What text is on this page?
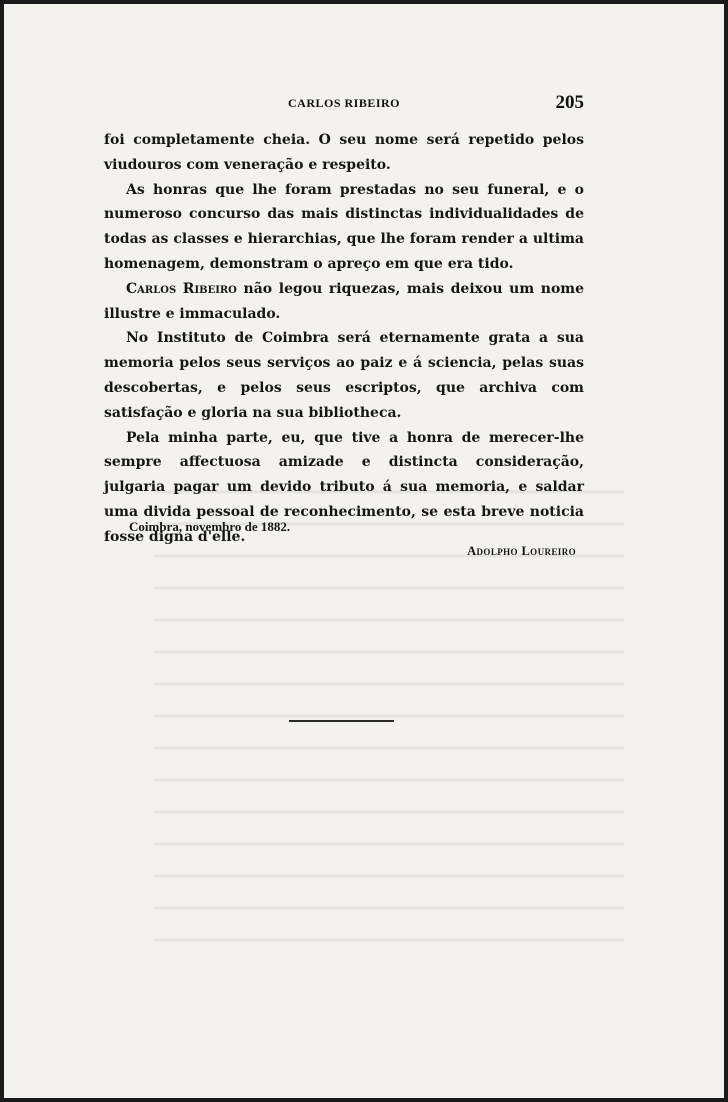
CARLOS RIBEIRO	205

foi completamente cheia. O seu nome será repetido pelos viudouros com veneração e respeito.

As honras que lhe foram prestadas no seu funeral, e o numeroso concurso das mais distinctas individualidades de todas as classes e hierarchias, que lhe foram render a ultima homenagem, demonstram o apreço em que era tido.

Carlos Ribeiro não legou riquezas, mais deixou um nome illustre e immaculado.

No Instituto de Coimbra será eternamente grata a sua memoria pelos seus serviços ao paiz e á sciencia, pelas suas descobertas, e pelos seus escriptos, que archiva com satisfação e gloria na sua bibliotheca.

Pela minha parte, eu, que tive a honra de merecer-lhe sempre affectuosa amizade e distincta consideração, julgaria pagar um devido tributo á sua memoria, e saldar uma divida pessoal de reconhecimento, se esta breve noticia fosse digna d'elle.

Coimbra, novembro de 1882.
Adolpho Loureiro
